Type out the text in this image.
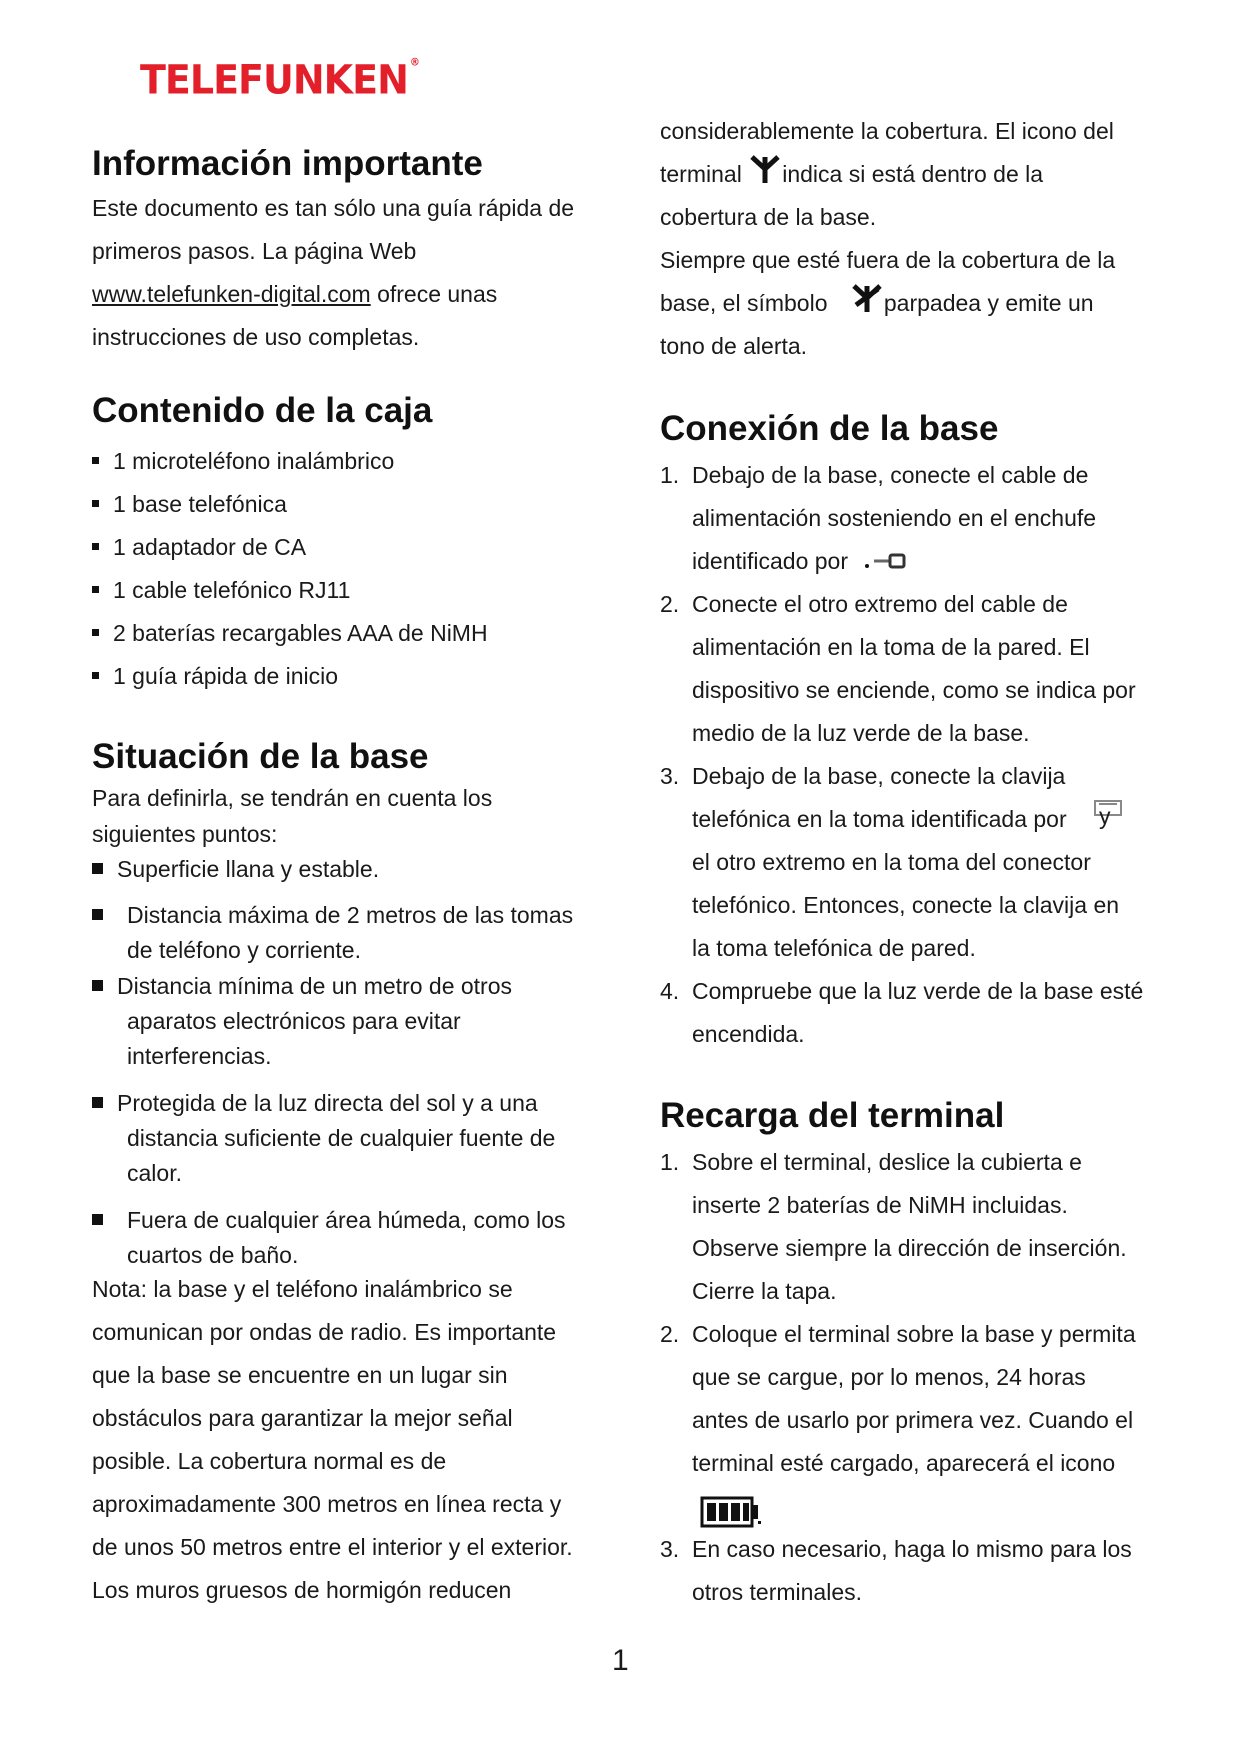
TELEFUNKEN ®
Información importante

Este documento es tan sólo una guía rápida de

primeros pasos. La página Web

www.telefunken-digital.com ofrece unas

instrucciones de uso completas.

Contenido de la caja

1 microteléfono inalámbrico

1 base telefónica

1 adaptador de CA

1 cable telefónico RJ11

2 baterías recargables AAA de NiMH

1 guía rápida de inicio

Situación de la base

Para definirla, se tendrán en cuenta los

siguientes puntos:

Superficie llana y estable.

Distancia máxima de 2 metros de las tomas

de teléfono y corriente.

Distancia mínima de un metro de otros

aparatos electrónicos para evitar

interferencias.

Protegida de la luz directa del sol y a una

distancia suficiente de cualquier fuente de

calor.

Fuera de cualquier área húmeda, como los

cuartos de baño.

Nota: la base y el teléfono inalámbrico se

comunican por ondas de radio. Es importante

que la base se encuentre en un lugar sin

obstáculos para garantizar la mejor señal

posible. La cobertura normal es de

aproximadamente 300 metros en línea recta y

de unos 50 metros entre el interior y el exterior.

Los muros gruesos de hormigón reducen

considerablemente la cobertura. El icono del

terminal indica si está dentro de la

cobertura de la base.

Siempre que esté fuera de la cobertura de la

base, el símbolo parpadea y emite un

tono de alerta.

Conexión de la base

1. Debajo de la base, conecte el cable de

alimentación sosteniendo en el enchufe

identificado por

2. Conecte el otro extremo del cable de

alimentación en la toma de la pared. El

dispositivo se enciende, como se indica por

medio de la luz verde de la base.

3. Debajo de la base, conecte la clavija

telefónica en la toma identificada por y

el otro extremo en la toma del conector

telefónico. Entonces, conecte la clavija en

la toma telefónica de pared.

4. Compruebe que la luz verde de la base esté

encendida.

Recarga del terminal

1. Sobre el terminal, deslice la cubierta e

inserte 2 baterías de NiMH incluidas.

Observe siempre la dirección de inserción.

Cierre la tapa.

2. Coloque el terminal sobre la base y permita

que se cargue, por lo menos, 24 horas

antes de usarlo por primera vez. Cuando el

terminal esté cargado, aparecerá el icono

3. En caso necesario, haga lo mismo para los

otros terminales.

1
